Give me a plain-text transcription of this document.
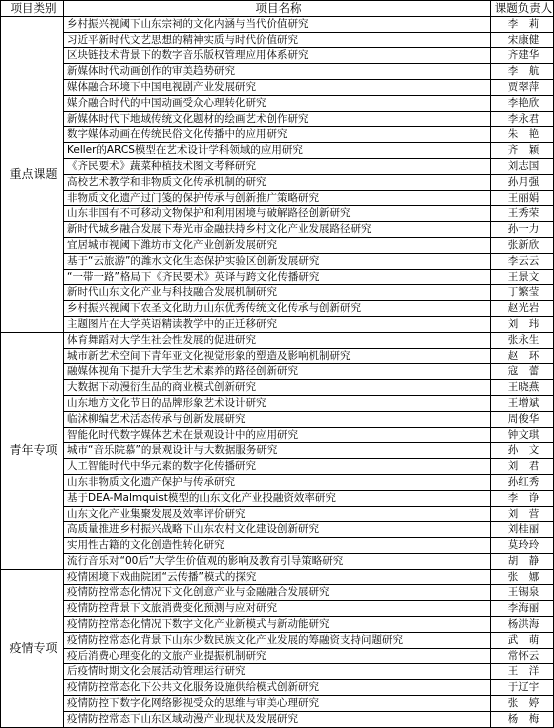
项目类别	项目名称	课题负责人
重点课题	乡村振兴视阈下山东宗祠的文化内涵与当代价值研究	李　莉
	习近平新时代文艺思想的精神实质与时代价值研究	宋康健
	区块链技术背景下的数字音乐版权管理应用体系研究	齐建华
	新媒体时代动画创作的审美趋势研究	李　航
	媒体融合环境下中国电视剧产业发展研究	贾翠萍
	媒介融合时代的中国动画受众心理转化研究	李艳欣
	新媒体时代下地域传统文化题材的绘画艺术创作研究	李永君
	数字媒体动画在传统民俗文化传播中的应用研究	朱　艳
	Keller的ARCS模型在艺术设计学科领域的应用研究	齐　颖
	《齐民要术》蔬菜种植技术图文考释研究	刘志国
	高校艺术教学和非物质文化传承机制的研究	孙月强
	非物质文化遗产过门笺的保护传承与创新推广策略研究	王丽娟
	山东非国有不可移动文物保护和利用困境与破解路径创新研究	王秀荣
	新时代城乡融合发展下寿光市金融扶持乡村文化产业发展路径研究	孙一力
	宜居城市视阈下潍坊市文化产业创新发展研究	张新欣
	基于“云旅游”的潍水文化生态保护实验区创新发展研究	李云云
	“一带一路”格局下《齐民要术》英译与跨文化传播研究	王景文
	新时代山东文化产业与科技融合发展机制研究	丁繁莹
	乡村振兴视阈下农圣文化助力山东优秀传统文化传承与创新研究	赵光岩
	主题图片在大学英语精读教学中的正迁移研究	刘　玮
青年专项	体育舞蹈对大学生社会性发展的促进研究	张永生
	城市新艺术空间下青年亚文化视觉形象的塑造及影响机制研究	赵　环
	融媒体视角下提升大学生艺术素养的路径创新研究	寇　蕾
	大数据下动漫衍生品的商业模式创新研究	王晓燕
	山东地方文化节日的品牌形象艺术设计研究	王增斌
	临沭柳编艺术活态传承与创新发展研究	周俊华
	智能化时代数字媒体艺术在景观设计中的应用研究	钟文琪
	城市“音乐院慕”的景观设计与大数据服务研究	孙　文
	人工智能时代中华元素的数字化传播研究	刘　君
	山东非物质文化遗产保护与传承研究	孙红秀
	基于DEA-Malmquist模型的山东文化产业投融资效率研究	李　诤
	山东文化产业集聚发展及效率评价研究	刘　营
	高质量推进乡村振兴战略下山东农村文化建设创新研究	刘桂丽
	实用性古籍的文化创造性转化研究	莫玲玲
	流行音乐对“00后”大学生价值观的影响及教育引导策略研究	胡　静
疫情专项	疫情困境下戏曲院团“云传播”模式的探究	张　娜
	疫情防控常态化情况下文化创意产业与金融融合发展研究	王锡泉
	疫情防控背景下文旅消费变化预测与应对研究	李海丽
	疫情防控常态化情况下数字文化产业新模式与新动能研究	杨洪海
	疫情防控常态化背景下山东少数民族文化产业发展的筹融资支持问题研究	武　萌
	疫后消费心理变化的文旅产业提振机制研究	常怀云
	后疫情时期文化会展活动管理运行研究	王　洋
	疫情防控常态化下公共文化服务设施供给模式创新研究	于辽宇
	疫情防控下数字化网络影视受众的思维与审美心理研究	张　婷
	疫情防控常态下山东区域动漫产业现状及发展研究	杨　梅
